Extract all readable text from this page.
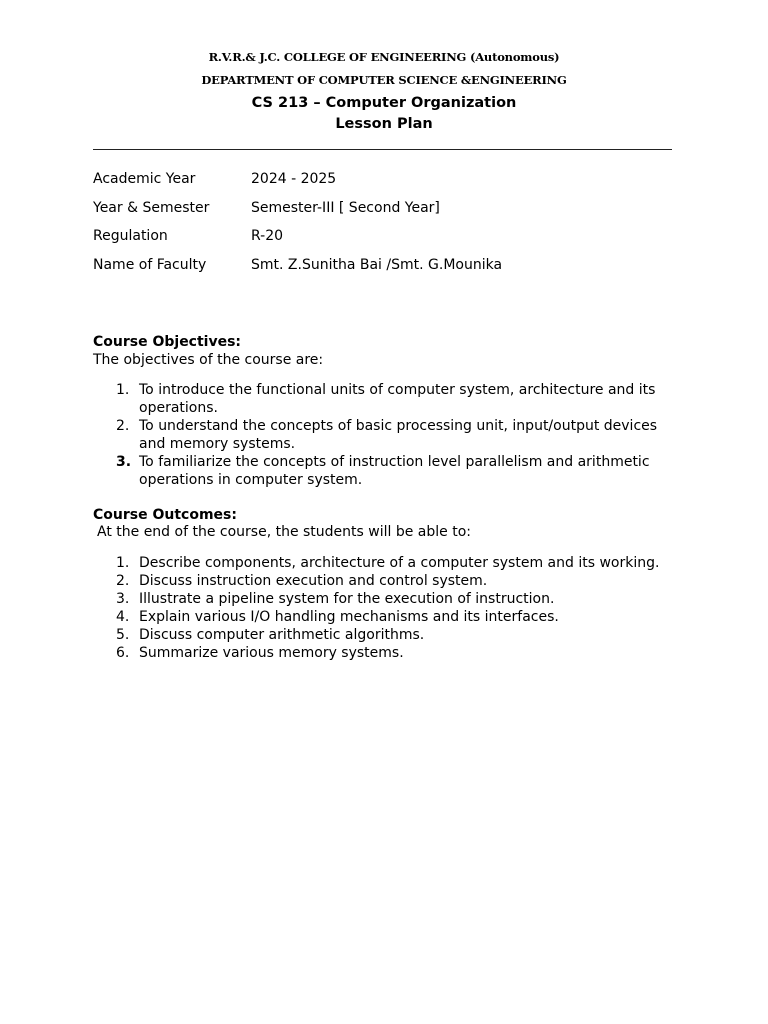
R.V.R.& J.C. COLLEGE OF ENGINEERING (Autonomous)
DEPARTMENT OF COMPUTER SCIENCE &ENGINEERING
CS 213 – Computer Organization
Lesson Plan
Academic Year	2024 - 2025
Year & Semester	Semester-III [ Second Year]
Regulation	R-20
Name of Faculty	Smt. Z.Sunitha Bai /Smt. G.Mounika
Course Objectives:
The objectives of the course are:
1. To introduce the functional units of computer system, architecture and its operations.
2. To understand the concepts of basic processing unit, input/output devices and memory systems.
3. To familiarize the concepts of instruction level parallelism and arithmetic operations in computer system.
Course Outcomes:
At the end of the course, the students will be able to:
1. Describe components, architecture of a computer system and its working.
2. Discuss instruction execution and control system.
3. Illustrate a pipeline system for the execution of instruction.
4. Explain various I/O handling mechanisms and its interfaces.
5. Discuss computer arithmetic algorithms.
6. Summarize various memory systems.
